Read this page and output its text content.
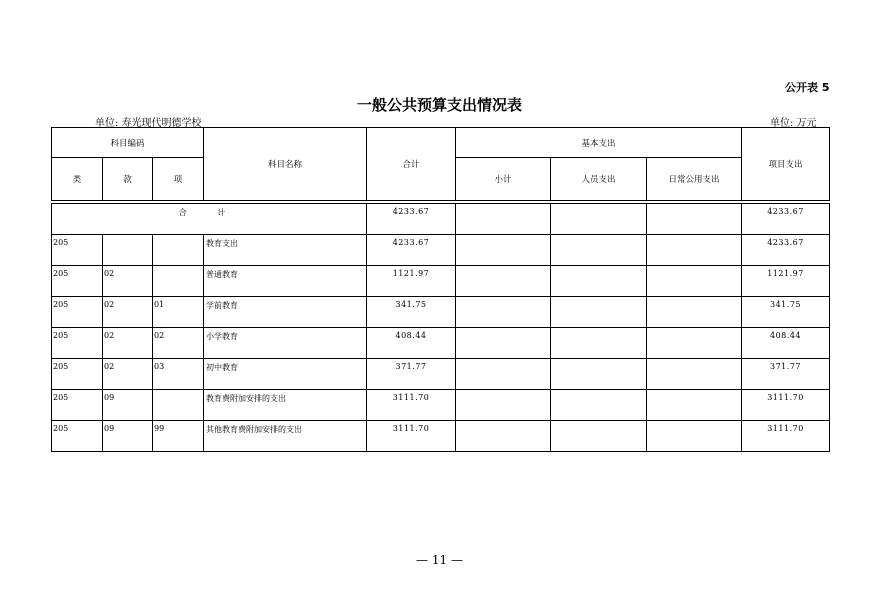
公开表 5
一般公共预算支出情况表
单位: 寿光现代明德学校	单位: 万元
科目编码			科目名称	合计	基本支出			项目支出
类	款	项			小计	人员支出	日常公用支出	

合 计				4233.67				4233.67
205			教育支出	4233.67				4233.67
205	02		普通教育	1121.97				1121.97
205	02	01	学前教育	341.75				341.75
205	02	02	小学教育	408.44				408.44
205	02	03	初中教育	371.77				371.77
205	09		教育费附加安排的支出	3111.70				3111.70
205	09	99	其他教育费附加安排的支出	3111.70				3111.70
— 11 —
